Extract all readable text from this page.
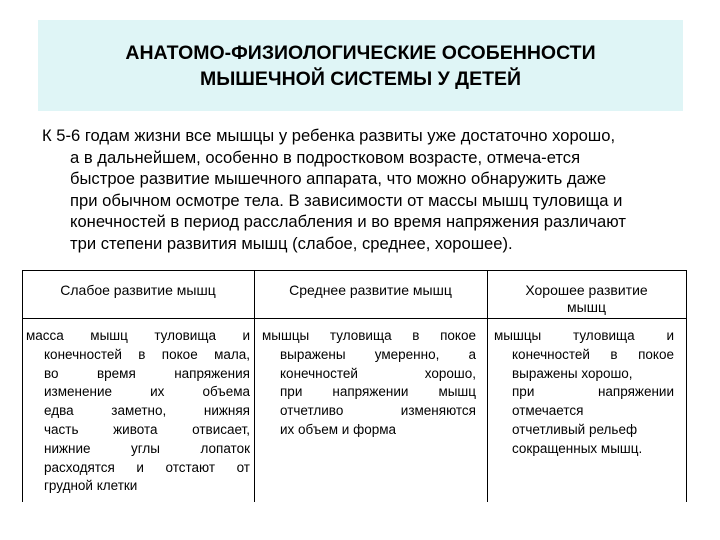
АНАТОМО-ФИЗИОЛОГИЧЕСКИЕ ОСОБЕННОСТИ
МЫШЕЧНОЙ СИСТЕМЫ У ДЕТЕЙ
К 5-6 годам жизни все мышцы у ребенка развиты уже достаточно хорошо,
а в дальнейшем, особенно в подростковом возрасте, отмеча-ется
быстрое развитие мышечного аппарата, что можно обнаружить даже
при обычном осмотре тела. В зависимости от массы мышц туловища и
конечностей в период расслабления и во время напряжения различают
три степени развития мышц (слабое, среднее, хорошее).
Слабое развитие мышц	Среднее развитие мышц	Хорошее развитие
мышц
масса мышц туловища и
конечностей в покое мала,
во время напряжения
изменение их объема
едва заметно, нижняя
часть живота отвисает,
нижние углы лопаток
расходятся и отстают от
грудной клетки
мышцы туловища в покое
выражены умеренно, а
конечностей хорошо,
при напряжении мышц
отчетливо изменяются
их объем и форма
мышцы туловища и
конечностей в покое
выражены хорошо,
при напряжении
отмечается
отчетливый рельеф
сокращенных мышц.
